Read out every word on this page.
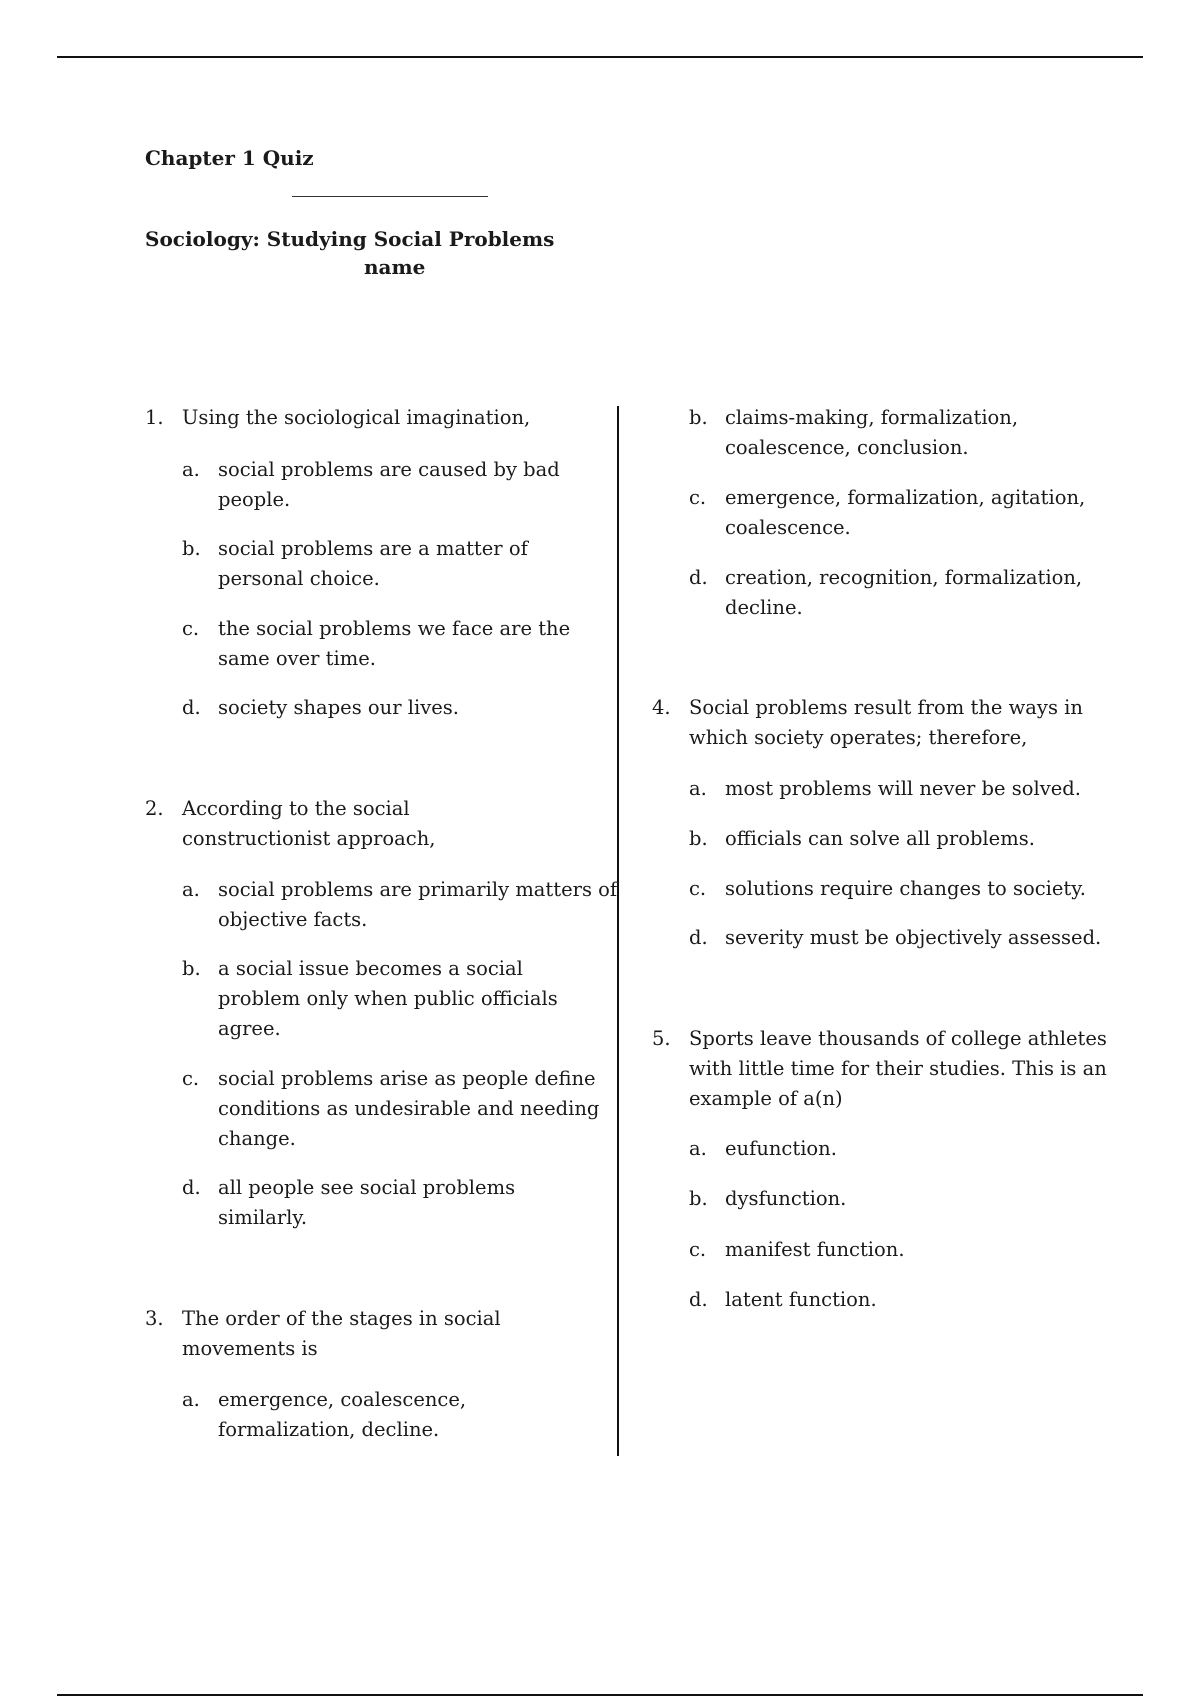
Chapter 1 Quiz
Sociology: Studying Social Problems
name
1. Using the sociological imagination,
a. social problems are caused by bad people.
b. social problems are a matter of personal choice.
c. the social problems we face are the same over time.
d. society shapes our lives.
2. According to the social constructionist approach,
a. social problems are primarily matters of objective facts.
b. a social issue becomes a social problem only when public officials agree.
c. social problems arise as people define conditions as undesirable and needing change.
d. all people see social problems similarly.
3. The order of the stages in social movements is
a. emergence, coalescence, formalization, decline.
b. claims-making, formalization, coalescence, conclusion.
c. emergence, formalization, agitation, coalescence.
d. creation, recognition, formalization, decline.
4. Social problems result from the ways in which society operates; therefore,
a. most problems will never be solved.
b. officials can solve all problems.
c. solutions require changes to society.
d. severity must be objectively assessed.
5. Sports leave thousands of college athletes with little time for their studies. This is an example of a(n)
a. eufunction.
b. dysfunction.
c. manifest function.
d. latent function.
